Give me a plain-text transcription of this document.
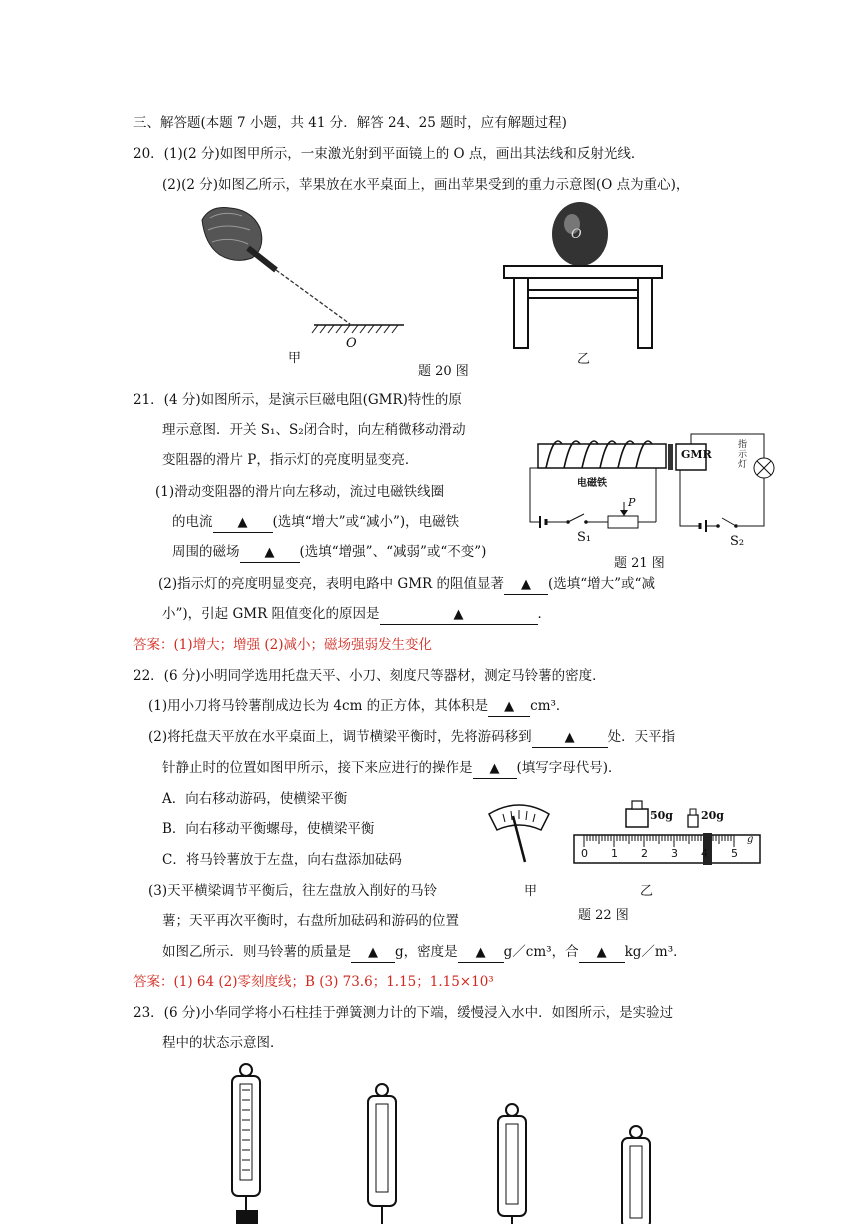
三、解答题(本题 7 小题，共 41 分．解答 24、25 题时，应有解题过程)
20．(1)(2 分)如图甲所示，一束激光射到平面镜上的 O 点，画出其法线和反射光线．
(2)(2 分)如图乙所示，苹果放在水平桌面上，画出苹果受到的重力示意图(O 点为重心)，
O
甲
题 20 图
O
乙
21．(4 分)如图所示，是演示巨磁电阻(GMR)特性的原
理示意图．开关 S₁、S₂闭合时，向左稍微移动滑动
变阻器的滑片 P，指示灯的亮度明显变亮．
(1)滑动变阻器的滑片向左移动，流过电磁铁线圈
的电流 ▲ (选填“增大”或“减小”)，电磁铁
周围的磁场 ▲ (选填“增强”、“减弱”或“不变”)
(2)指示灯的亮度明显变亮，表明电路中 GMR 的阻值显著 ▲ (选填“增大”或“减
小”)，引起 GMR 阻值变化的原因是	▲	．
答案：(1)增大；增强 (2)减小；磁场强弱发生变化
GMR
电磁铁
指示灯
P
S₁	S₂
题 21 图
22．(6 分)小明同学选用托盘天平、小刀、刻度尺等器材，测定马铃薯的密度．
(1)用小刀将马铃薯削成边长为 4cm 的正方体，其体积是 ▲ cm³．
(2)将托盘天平放在水平桌面上，调节横梁平衡时，先将游码移到	▲ 处．天平指
针静止时的位置如图甲所示，接下来应进行的操作是 ▲ (填写字母代号)．
A．向右移动游码，使横梁平衡
B．向右移动平衡螺母，使横梁平衡
C．将马铃薯放于左盘，向右盘添加砝码
(3)天平横梁调节平衡后，往左盘放入削好的马铃
薯；天平再次平衡时，右盘所加砝码和游码的位置
如图乙所示．则马铃薯的质量是 ▲ g，密度是 ▲ g／cm³，合 ▲ kg／m³．
答案：(1) 64 (2)零刻度线；B (3) 73.6；1.15；1.15×10³
甲
50g	20g
g
0 1 2 3 4 5
乙
题 22 图
23．(6 分)小华同学将小石柱挂于弹簧测力计的下端，缓慢浸入水中．如图所示，是实验过
程中的状态示意图．
